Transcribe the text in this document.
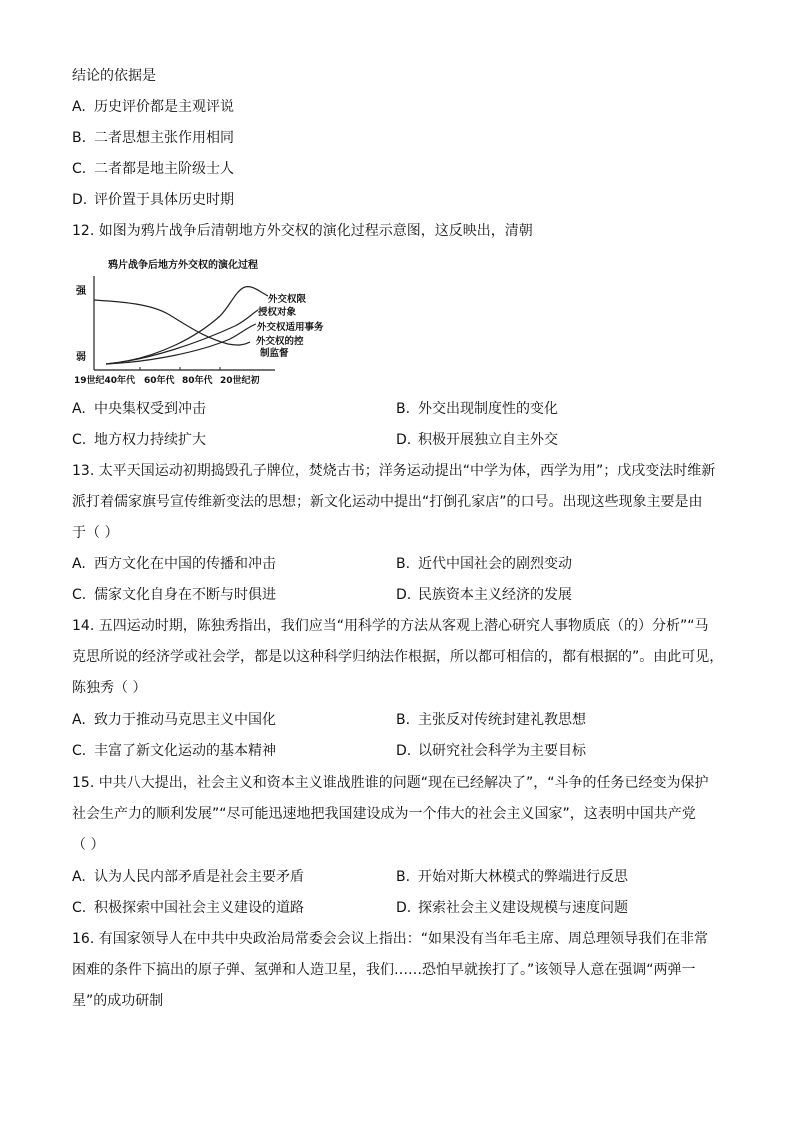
结论的依据是
A. 历史评价都是主观评说
B. 二者思想主张作用相同
C. 二者都是地主阶级士人
D. 评价置于具体历史时期
12. 如图为鸦片战争后清朝地方外交权的演化过程示意图，这反映出，清朝
鸦片战争后地方外交权的演化过程
强
弱
19世纪40年代 60年代 80年代 20世纪初
外交权限
授权对象
外交权适用事务
外交权的控 制监督
A. 中央集权受到冲击	B. 外交出现制度性的变化
C. 地方权力持续扩大	D. 积极开展独立自主外交
13. 太平天国运动初期捣毁孔子牌位，焚烧古书；洋务运动提出“中学为体，西学为用”；戊戌变法时维新
派打着儒家旗号宣传维新变法的思想；新文化运动中提出“打倒孔家店”的口号。出现这些现象主要是由
于（ ）
A. 西方文化在中国的传播和冲击	B. 近代中国社会的剧烈变动
C. 儒家文化自身在不断与时俱进	D. 民族资本主义经济的发展
14. 五四运动时期，陈独秀指出，我们应当“用科学的方法从客观上潜心研究人事物质底（的）分析”“马
克思所说的经济学或社会学，都是以这种科学归纳法作根据，所以都可相信的，都有根据的”。由此可见，
陈独秀（ ）
A. 致力于推动马克思主义中国化	B. 主张反对传统封建礼教思想
C. 丰富了新文化运动的基本精神	D. 以研究社会科学为主要目标
15. 中共八大提出，社会主义和资本主义谁战胜谁的问题“现在已经解决了”，“斗争的任务已经变为保护
社会生产力的顺利发展”“尽可能迅速地把我国建设成为一个伟大的社会主义国家”，这表明中国共产党
（ ）
A. 认为人民内部矛盾是社会主要矛盾	B. 开始对斯大林模式的弊端进行反思
C. 积极探索中国社会主义建设的道路	D. 探索社会主义建设规模与速度问题
16. 有国家领导人在中共中央政治局常委会会议上指出：“如果没有当年毛主席、周总理领导我们在非常
困难的条件下搞出的原子弹、氢弹和人造卫星，我们……恐怕早就挨打了。”该领导人意在强调“两弹一
星”的成功研制
